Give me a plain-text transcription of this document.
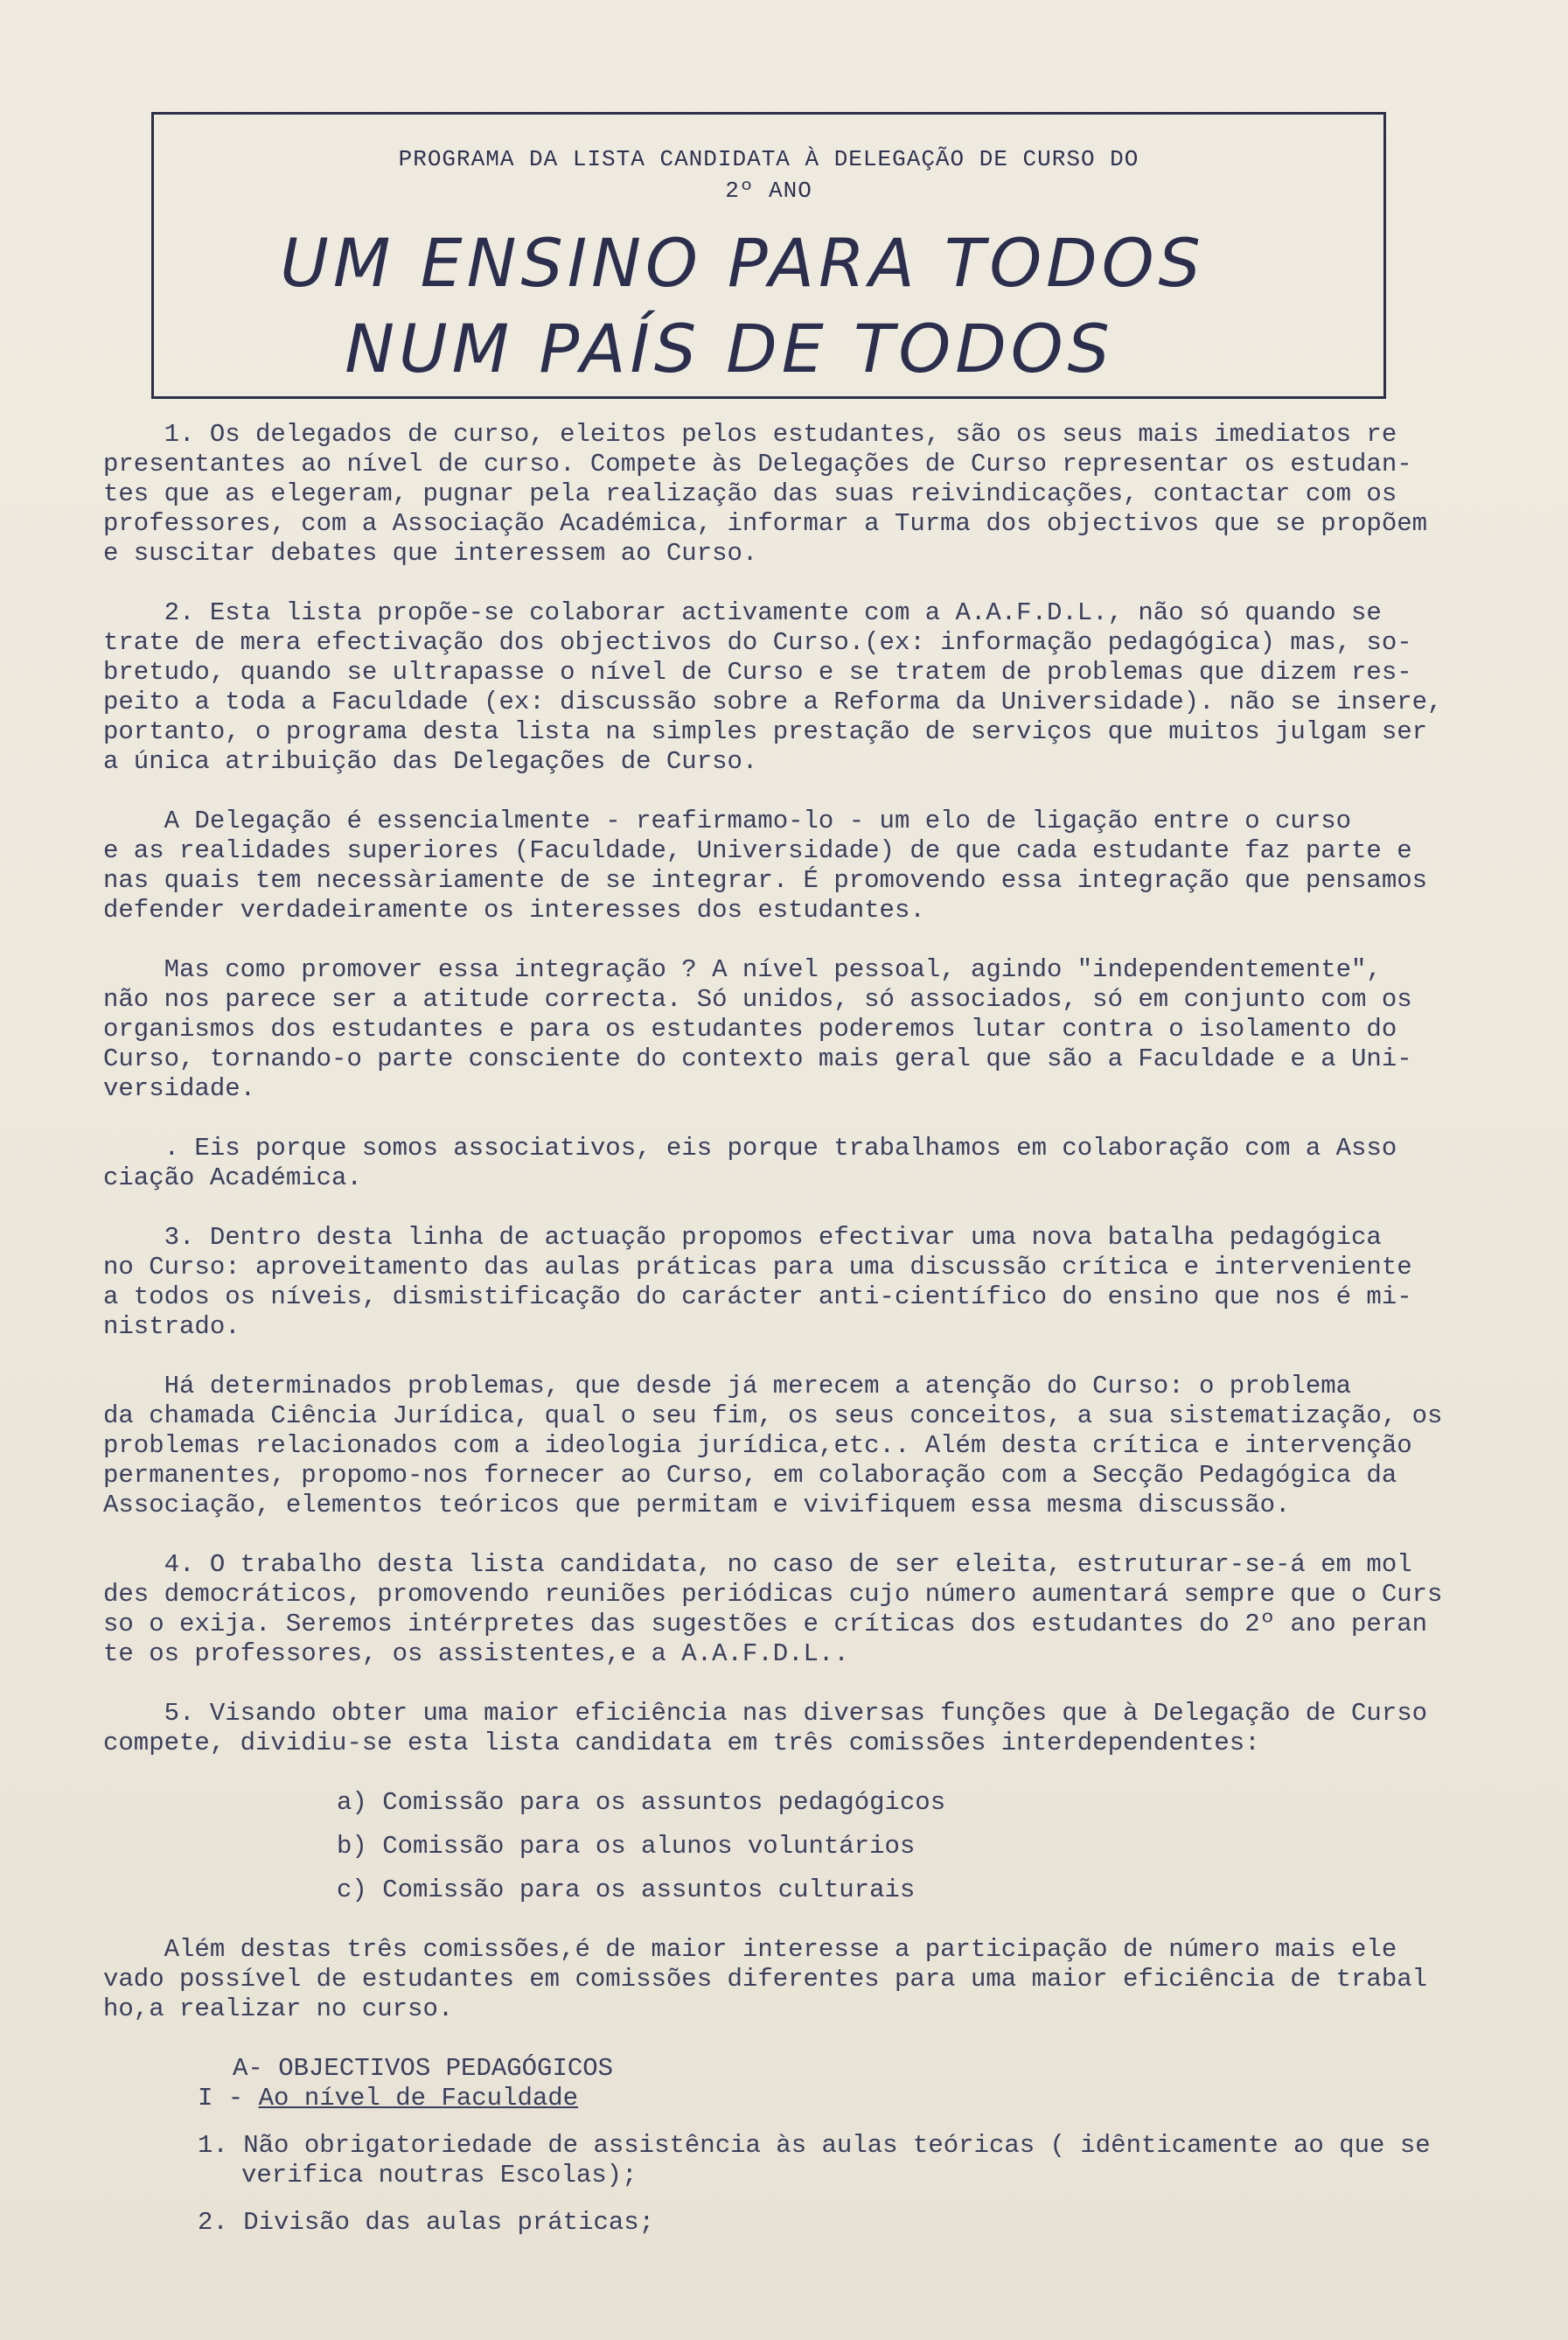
PROGRAMA DA LISTA CANDIDATA À DELEGAÇÃO DE CURSO DO
2º ANO
UM ENSINO PARA TODOS
NUM PAÍS DE TODOS
1. Os delegados de curso, eleitos pelos estudantes, são os seus mais imediatos re
presentantes ao nível de curso. Compete às Delegações de Curso representar os estudan-
tes que as elegeram, pugnar pela realização das suas reivindicações, contactar com os
professores, com a Associação Académica, informar a Turma dos objectivos que se propõem
e suscitar debates que interessem ao Curso.
2. Esta lista propõe-se colaborar activamente com a A.A.F.D.L., não só quando se
trate de mera efectivação dos objectivos do Curso.(ex: informação pedagógica) mas, so-
bretudo, quando se ultrapasse o nível de Curso e se tratem de problemas que dizem res-
peito a toda a Faculdade (ex: discussão sobre a Reforma da Universidade). não se insere,
portanto, o programa desta lista na simples prestação de serviços que muitos julgam ser
a única atribuição das Delegações de Curso.
A Delegação é essencialmente - reafirmamo-lo - um elo de ligação entre o curso
e as realidades superiores (Faculdade, Universidade) de que cada estudante faz parte e
nas quais tem necessàriamente de se integrar. É promovendo essa integração que pensamos
defender verdadeiramente os interesses dos estudantes.
Mas como promover essa integração ? A nível pessoal, agindo "independentemente",
não nos parece ser a atitude correcta. Só unidos, só associados, só em conjunto com os
organismos dos estudantes e para os estudantes poderemos lutar contra o isolamento do
Curso, tornando-o parte consciente do contexto mais geral que são a Faculdade e a Uni-
versidade.
. Eis porque somos associativos, eis porque trabalhamos em colaboração com a Asso
ciação Académica.
3. Dentro desta linha de actuação propomos efectivar uma nova batalha pedagógica
no Curso: aproveitamento das aulas práticas para uma discussão crítica e interveniente
a todos os níveis, dismistificação do carácter anti-científico do ensino que nos é mi-
nistrado.
Há determinados problemas, que desde já merecem a atenção do Curso: o problema
da chamada Ciência Jurídica, qual o seu fim, os seus conceitos, a sua sistematização, os
problemas relacionados com a ideologia jurídica,etc.. Além desta crítica e intervenção
permanentes, propomo-nos fornecer ao Curso, em colaboração com a Secção Pedagógica da
Associação, elementos teóricos que permitam e vivifiquem essa mesma discussão.
4. O trabalho desta lista candidata, no caso de ser eleita, estruturar-se-á em mol
des democráticos, promovendo reuniões periódicas cujo número aumentará sempre que o Curs
so o exija. Seremos intérpretes das sugestões e críticas dos estudantes do 2º ano peran
te os professores, os assistentes,e a A.A.F.D.L..
5. Visando obter uma maior eficiência nas diversas funções que à Delegação de Curso
compete, dividiu-se esta lista candidata em três comissões interdependentes:
a) Comissão para os assuntos pedagógicos
b) Comissão para os alunos voluntários
c) Comissão para os assuntos culturais
Além destas três comissões,é de maior interesse a participação de número mais ele
vado possível de estudantes em comissões diferentes para uma maior eficiência de trabal
ho,a realizar no curso.
A- OBJECTIVOS PEDAGÓGICOS
I - Ao nível de Faculdade
1. Não obrigatoriedade de assistência às aulas teóricas ( idênticamente ao que se
verifica noutras Escolas);
2. Divisão das aulas práticas;
